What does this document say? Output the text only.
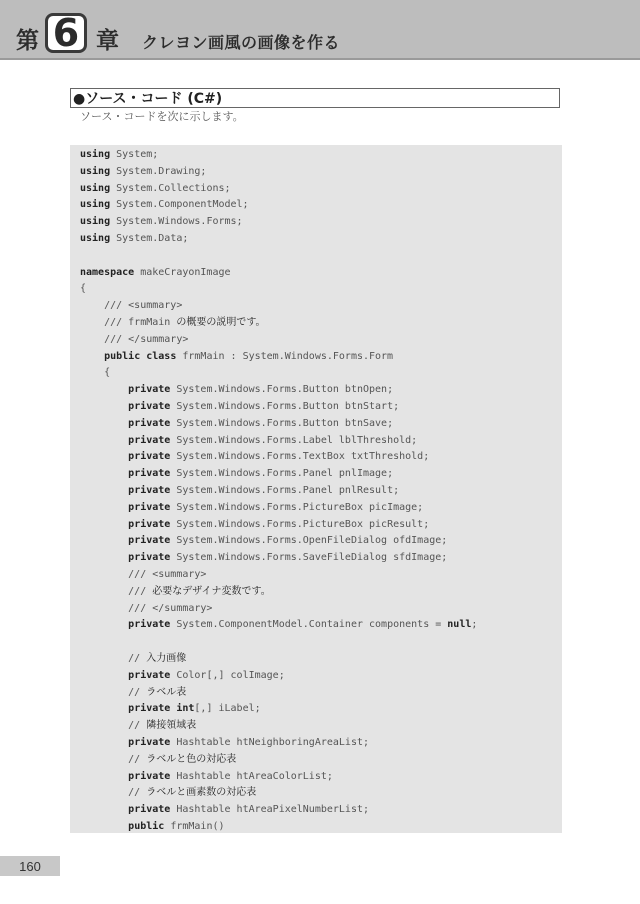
第 6 章 クレヨン画風の画像を作る
●ソース・コード (C#)
ソース・コードを次に示します。
using System;
using System.Drawing;
using System.Collections;
using System.ComponentModel;
using System.Windows.Forms;
using System.Data;
namespace makeCrayonImage
{
/// <summary>
/// frmMain の概要の説明です。
/// </summary>
public class frmMain : System.Windows.Forms.Form
{
private System.Windows.Forms.Button btnOpen;
private System.Windows.Forms.Button btnStart;
private System.Windows.Forms.Button btnSave;
private System.Windows.Forms.Label lblThreshold;
private System.Windows.Forms.TextBox txtThreshold;
private System.Windows.Forms.Panel pnlImage;
private System.Windows.Forms.Panel pnlResult;
private System.Windows.Forms.PictureBox picImage;
private System.Windows.Forms.PictureBox picResult;
private System.Windows.Forms.OpenFileDialog ofdImage;
private System.Windows.Forms.SaveFileDialog sfdImage;
/// <summary>
/// 必要なデザイナ変数です。
/// </summary>
private System.ComponentModel.Container components = null;
// 入力画像
private Color[,] colImage;
// ラベル表
private int[,] iLabel;
// 隣接領域表
private Hashtable htNeighboringAreaList;
// ラベルと色の対応表
private Hashtable htAreaColorList;
// ラベルと画素数の対応表
private Hashtable htAreaPixelNumberList;
public frmMain()
160
